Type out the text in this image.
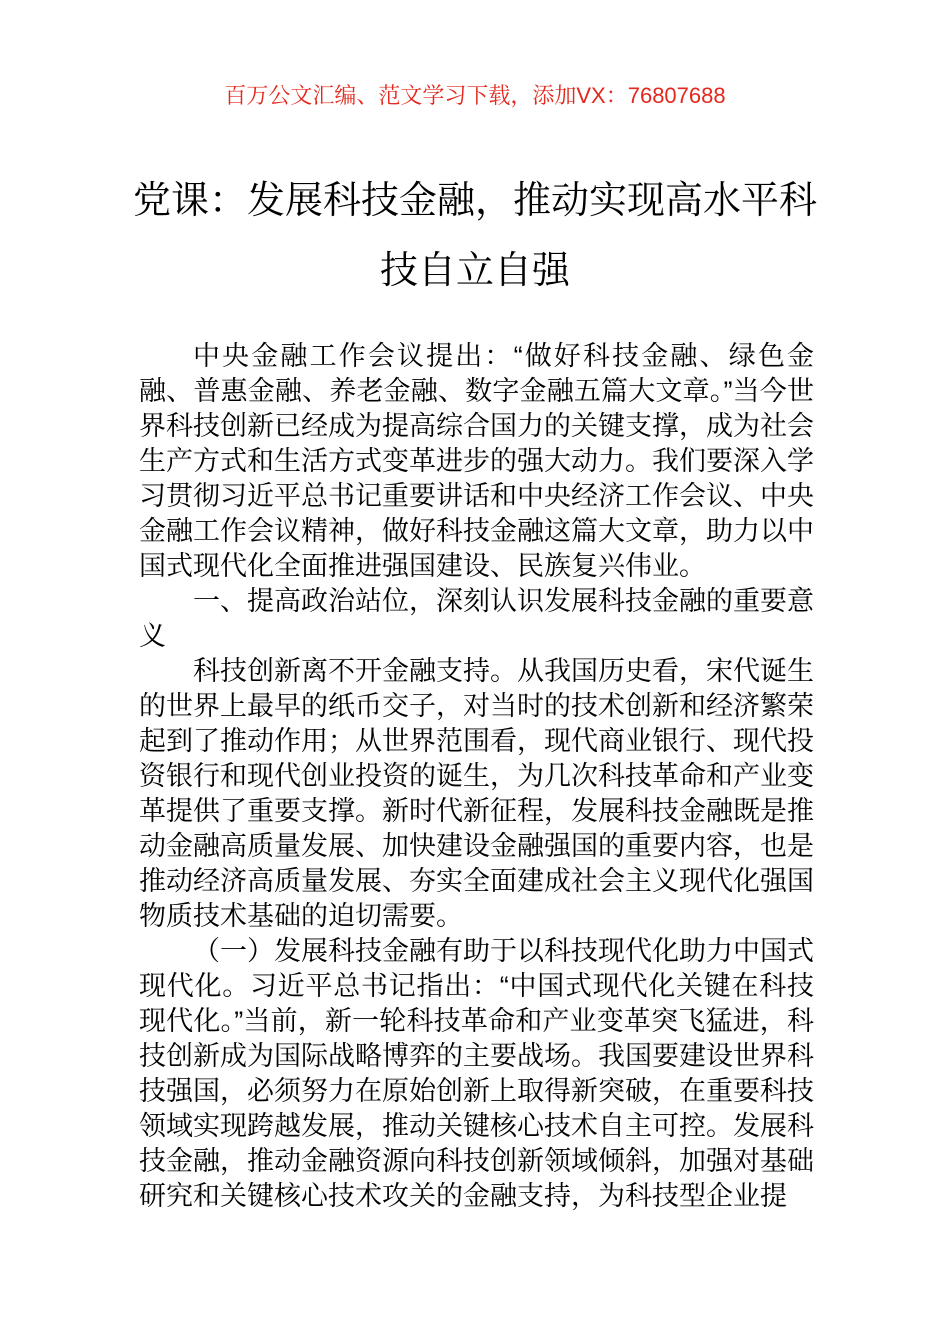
百万公文汇编、范文学习下载，添加VX：76807688

党课：发展科技金融，推动实现高水平科技自立自强

中央金融工作会议提出：“做好科技金融、绿色金融、普惠金融、养老金融、数字金融五篇大文章。”当今世界科技创新已经成为提高综合国力的关键支撑，成为社会生产方式和生活方式变革进步的强大动力。我们要深入学习贯彻习近平总书记重要讲话和中央经济工作会议、中央金融工作会议精神，做好科技金融这篇大文章，助力以中国式现代化全面推进强国建设、民族复兴伟业。

一、提高政治站位，深刻认识发展科技金融的重要意义

科技创新离不开金融支持。从我国历史看，宋代诞生的世界上最早的纸币交子，对当时的技术创新和经济繁荣起到了推动作用；从世界范围看，现代商业银行、现代投资银行和现代创业投资的诞生，为几次科技革命和产业变革提供了重要支撑。新时代新征程，发展科技金融既是推动金融高质量发展、加快建设金融强国的重要内容，也是推动经济高质量发展、夯实全面建成社会主义现代化强国物质技术基础的迫切需要。

（一）发展科技金融有助于以科技现代化助力中国式现代化。习近平总书记指出：“中国式现代化关键在科技现代化。”当前，新一轮科技革命和产业变革突飞猛进，科技创新成为国际战略博弈的主要战场。我国要建设世界科技强国，必须努力在原始创新上取得新突破，在重要科技领域实现跨越发展，推动关键核心技术自主可控。发展科技金融，推动金融资源向科技创新领域倾斜，加强对基础研究和关键核心技术攻关的金融支持，为科技型企业提
